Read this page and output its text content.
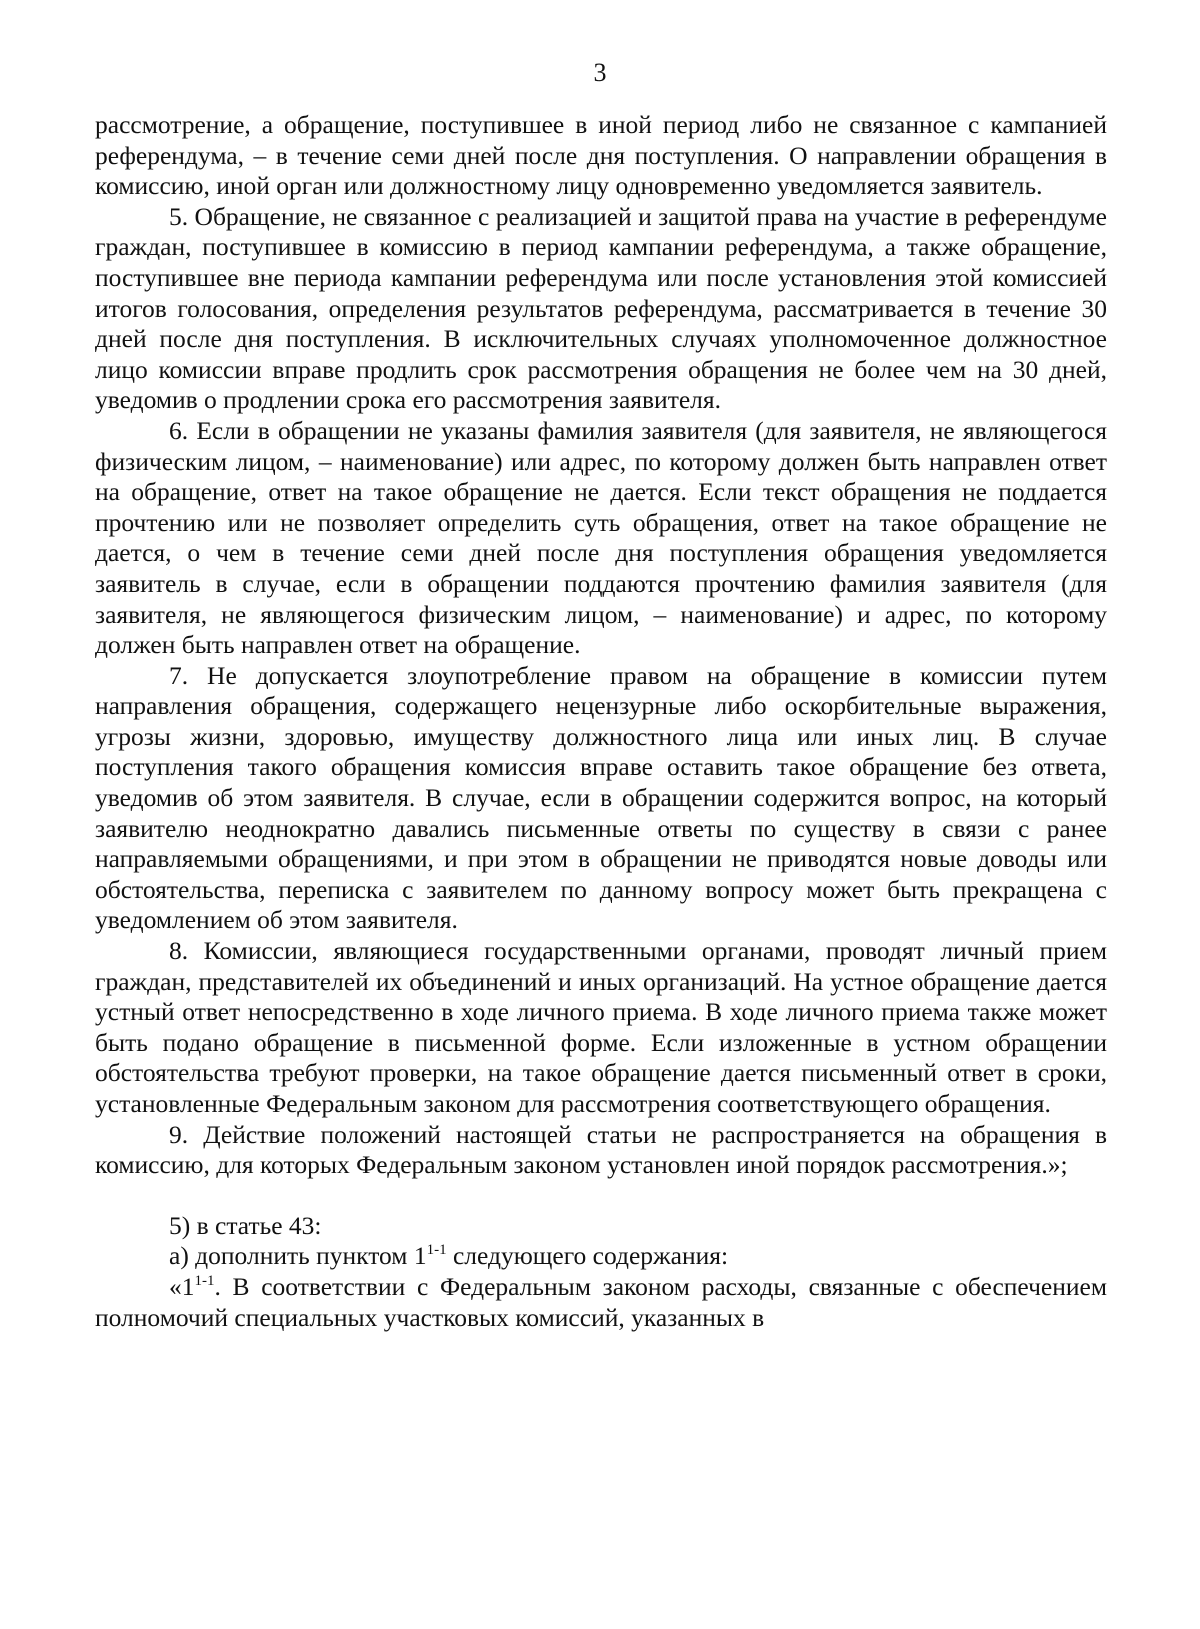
3

рассмотрение, а обращение, поступившее в иной период либо не связанное с кампанией референдума, – в течение семи дней после дня поступления. О направлении обращения в комиссию, иной орган или должностному лицу одновременно уведомляется заявитель.

5. Обращение, не связанное с реализацией и защитой права на участие в референдуме граждан, поступившее в комиссию в период кампании референдума, а также обращение, поступившее вне периода кампании референдума или после установления этой комиссией итогов голосования, определения результатов референдума, рассматривается в течение 30 дней после дня поступления. В исключительных случаях уполномоченное должностное лицо комиссии вправе продлить срок рассмотрения обращения не более чем на 30 дней, уведомив о продлении срока его рассмотрения заявителя.

6. Если в обращении не указаны фамилия заявителя (для заявителя, не являющегося физическим лицом, – наименование) или адрес, по которому должен быть направлен ответ на обращение, ответ на такое обращение не дается. Если текст обращения не поддается прочтению или не позволяет определить суть обращения, ответ на такое обращение не дается, о чем в течение семи дней после дня поступления обращения уведомляется заявитель в случае, если в обращении поддаются прочтению фамилия заявителя (для заявителя, не являющегося физическим лицом, – наименование) и адрес, по которому должен быть направлен ответ на обращение.

7. Не допускается злоупотребление правом на обращение в комиссии путем направления обращения, содержащего нецензурные либо оскорбительные выражения, угрозы жизни, здоровью, имуществу должностного лица или иных лиц. В случае поступления такого обращения комиссия вправе оставить такое обращение без ответа, уведомив об этом заявителя. В случае, если в обращении содержится вопрос, на который заявителю неоднократно давались письменные ответы по существу в связи с ранее направляемыми обращениями, и при этом в обращении не приводятся новые доводы или обстоятельства, переписка с заявителем по данному вопросу может быть прекращена с уведомлением об этом заявителя.

8. Комиссии, являющиеся государственными органами, проводят личный прием граждан, представителей их объединений и иных организаций. На устное обращение дается устный ответ непосредственно в ходе личного приема. В ходе личного приема также может быть подано обращение в письменной форме. Если изложенные в устном обращении обстоятельства требуют проверки, на такое обращение дается письменный ответ в сроки, установленные Федеральным законом для рассмотрения соответствующего обращения.

9. Действие положений настоящей статьи не распространяется на обращения в комиссию, для которых Федеральным законом установлен иной порядок рассмотрения.»;

5) в статье 43:

а) дополнить пунктом 1$^{1-1}$ следующего содержания:

«1$^{1-1}$. В соответствии с Федеральным законом расходы, связанные с обеспечением полномочий специальных участковых комиссий, указанных в
